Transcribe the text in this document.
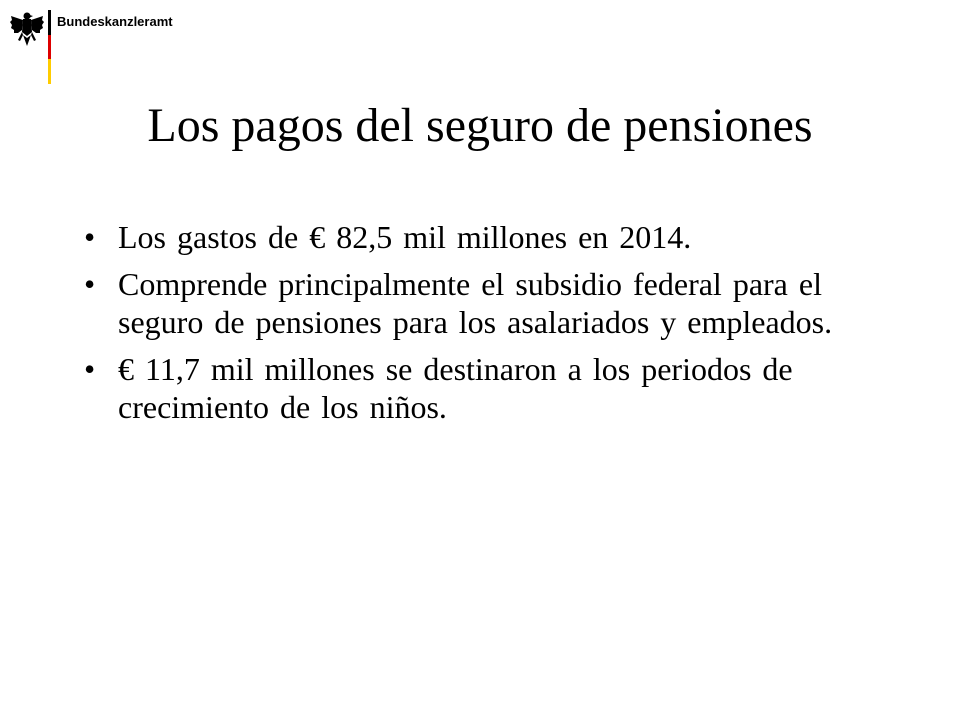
Bundeskanzleramt
Los pagos del seguro de pensiones
• Los gastos de € 82,5 mil millones en 2014.
• Comprende principalmente el subsidio federal para el seguro de pensiones para los asalariados y empleados.
• € 11,7 mil millones se destinaron a los periodos de crecimiento de los niños.
